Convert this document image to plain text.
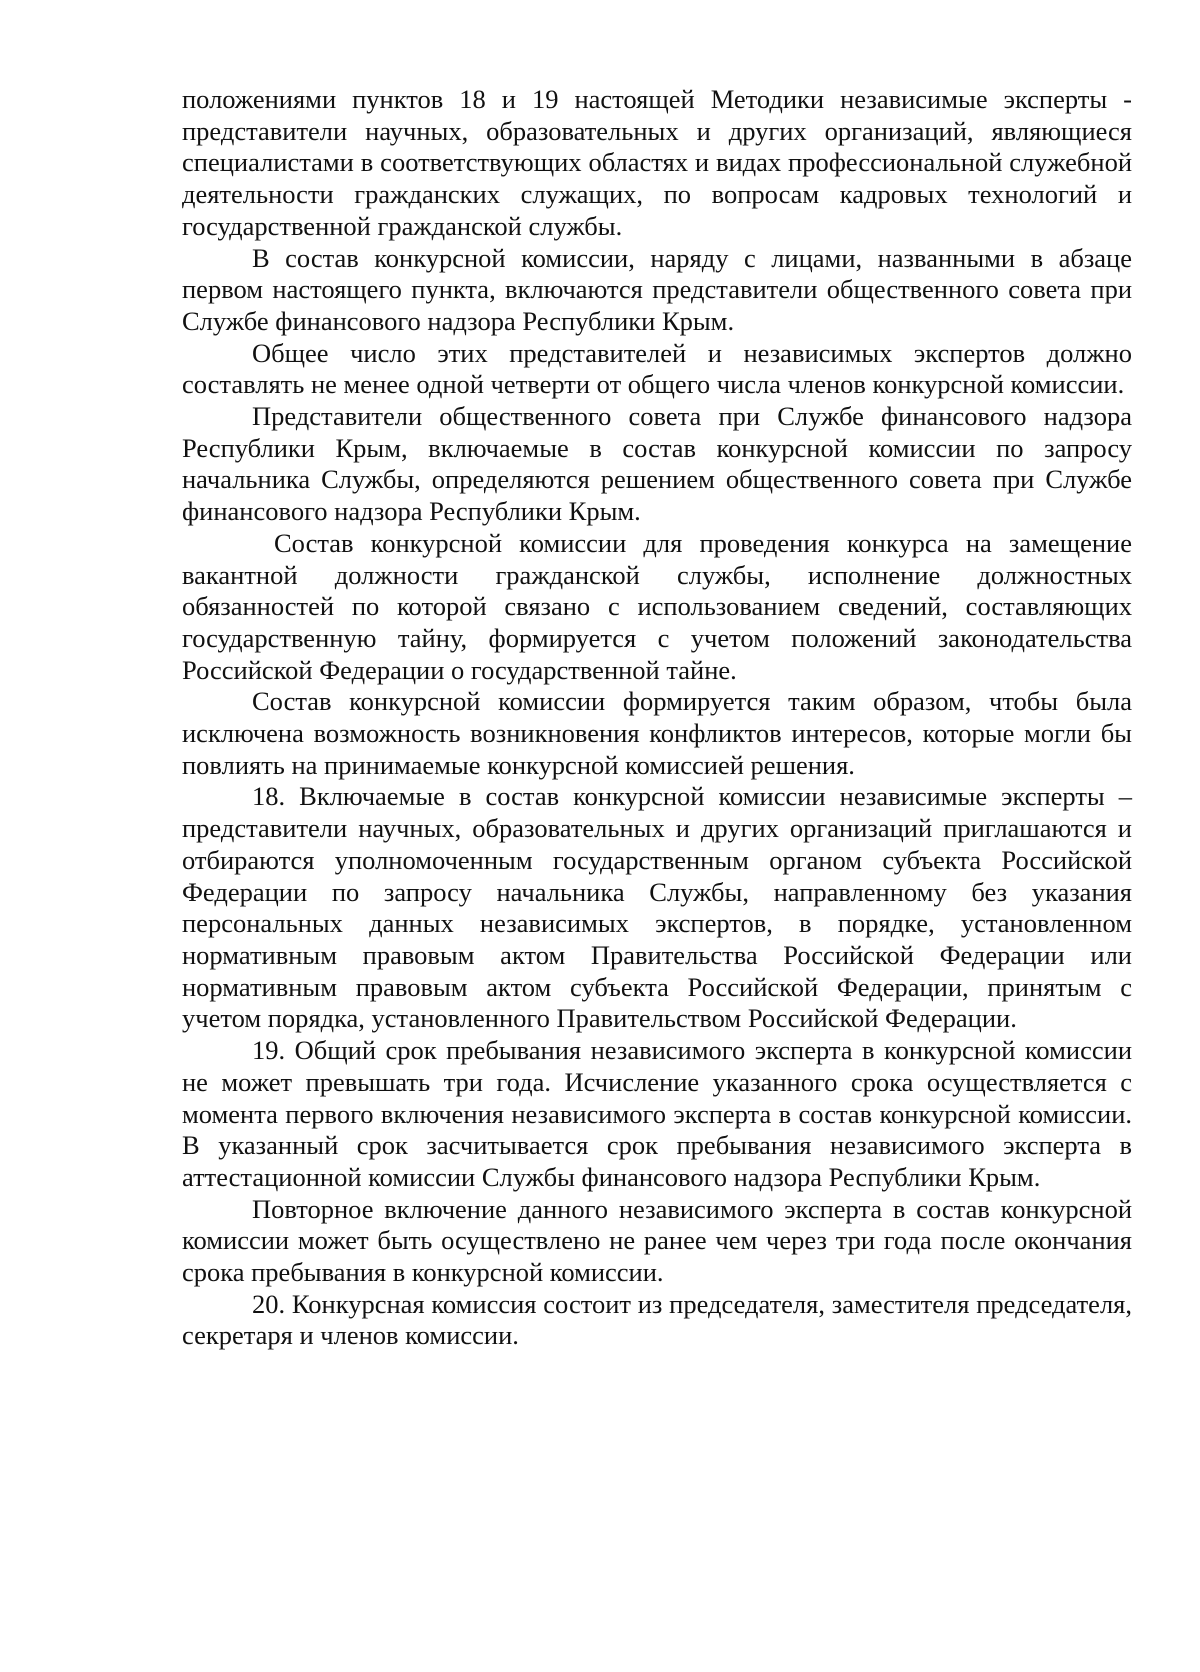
положениями пунктов 18 и 19 настоящей Методики независимые эксперты - представители научных, образовательных и других организаций, являющиеся специалистами в соответствующих областях и видах профессиональной служебной деятельности гражданских служащих, по вопросам кадровых технологий и государственной гражданской службы.

В состав конкурсной комиссии, наряду с лицами, названными в абзаце первом настоящего пункта, включаются представители общественного совета при Службе финансового надзора Республики Крым.

Общее число этих представителей и независимых экспертов должно составлять не менее одной четверти от общего числа членов конкурсной комиссии.

Представители общественного совета при Службе финансового надзора Республики Крым, включаемые в состав конкурсной комиссии по запросу начальника Службы, определяются решением общественного совета при Службе финансового надзора Республики Крым.

Состав конкурсной комиссии для проведения конкурса на замещение вакантной должности гражданской службы, исполнение должностных обязанностей по которой связано с использованием сведений, составляющих государственную тайну, формируется с учетом положений законодательства Российской Федерации о государственной тайне.

Состав конкурсной комиссии формируется таким образом, чтобы была исключена возможность возникновения конфликтов интересов, которые могли бы повлиять на принимаемые конкурсной комиссией решения.

18. Включаемые в состав конкурсной комиссии независимые эксперты – представители научных, образовательных и других организаций приглашаются и отбираются уполномоченным государственным органом субъекта Российской Федерации по запросу начальника Службы, направленному без указания персональных данных независимых экспертов, в порядке, установленном нормативным правовым актом Правительства Российской Федерации или нормативным правовым актом субъекта Российской Федерации, принятым с учетом порядка, установленного Правительством Российской Федерации.

19. Общий срок пребывания независимого эксперта в конкурсной комиссии не может превышать три года. Исчисление указанного срока осуществляется с момента первого включения независимого эксперта в состав конкурсной комиссии. В указанный срок засчитывается срок пребывания независимого эксперта в аттестационной комиссии Службы финансового надзора Республики Крым.

Повторное включение данного независимого эксперта в состав конкурсной комиссии может быть осуществлено не ранее чем через три года после окончания срока пребывания в конкурсной комиссии.

20. Конкурсная комиссия состоит из председателя, заместителя председателя, секретаря и членов комиссии.
